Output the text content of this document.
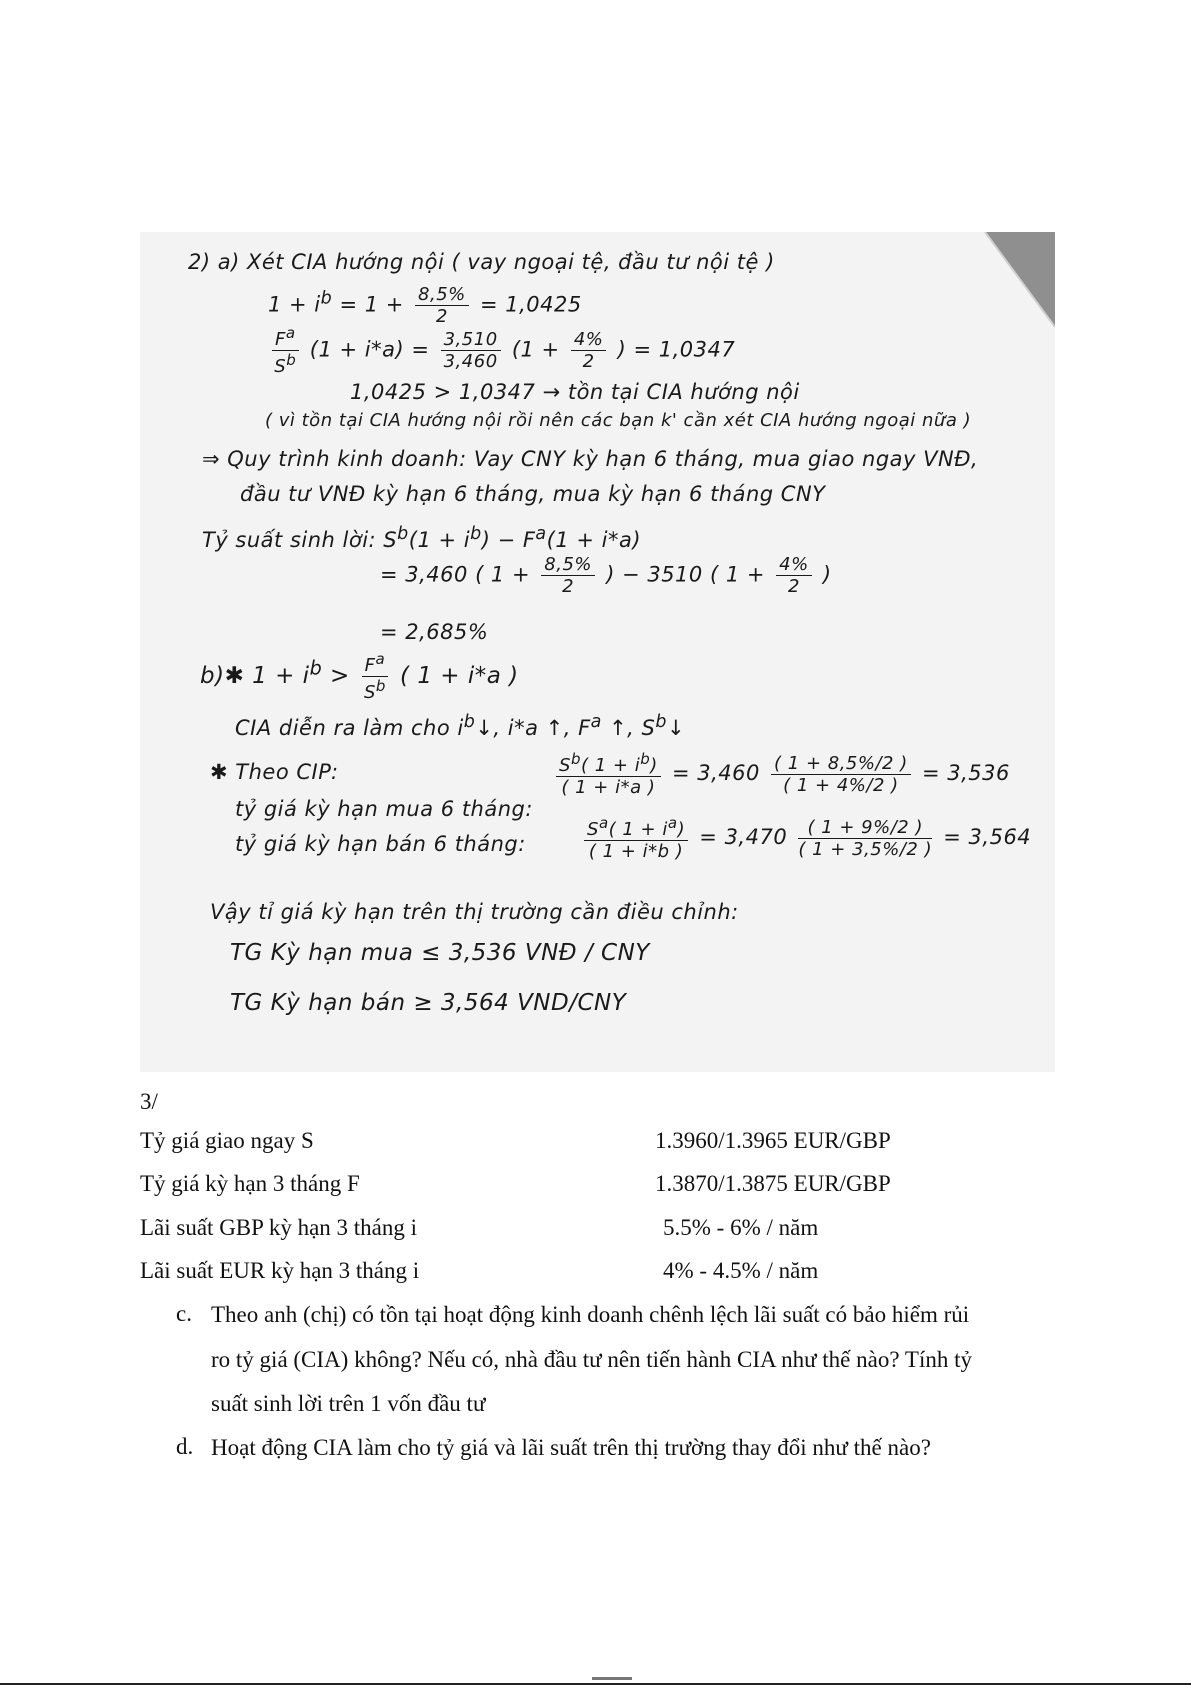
2) a) Xét CIA hướng nội ( vay ngoại tệ, đầu tư nội tệ )
$1 + i^b = 1 + \frac{8,5\%}{2} = 1,0425$
$\frac{F^a}{S^b} (1 + i*a) = \frac{3,510}{3,460} (1 + \frac{4\%}{2}$ ) = 1,0347
1,0425 > 1,0347 → tồn tại CIA hướng nội
( vì tồn tại CIA hướng nội rồi nên các bạn k' cần xét CIA hướng ngoại nữa )
⇒ Quy trình kinh doanh: Vay CNY kỳ hạn 6 tháng, mua giao ngay VNĐ,
đầu tư VNĐ kỳ hạn 6 tháng, mua kỳ hạn 6 tháng CNY
Tỷ suất sinh lời: $S^b(1 + i^b) - F^a(1 + i*a)$
= 3,460 ( $1 + \frac{8,5\%}{2}$ ) − 3510 ( $1 + \frac{4\%}{2}$ )
= 2,685%
b)✱ $1 + i^b > \frac{F^a}{S^b}$ ( 1 + i*a )
CIA diễn ra làm cho $i^b↓$, i*a ↑, $F^a$ ↑, $S^b↓$
✱ Theo CIP:	$\frac{S^b( 1 + i^b)}{( 1 + i*a )} = 3,460 \frac{( 1 + 8,5\%/2 )}{( 1 + 4\%/2 )} = 3,536$
tỷ giá kỳ hạn mua 6 tháng:
tỷ giá kỳ hạn bán 6 tháng:	$\frac{S^a( 1 + i^a)}{( 1 + i*b )} = 3,470 \frac{( 1 + 9\%/2 )}{( 1 + 3,5\%/2 )} = 3,564$
Vậy tỉ giá kỳ hạn trên thị trường cần điều chỉnh:
TG Kỳ hạn mua ≤ 3,536 VNĐ / CNY
TG Kỳ hạn bán ≥ 3,564 VND/CNY
3/
Tỷ giá giao ngay S	1.3960/1.3965 EUR/GBP
Tỷ giá kỳ hạn 3 tháng F	1.3870/1.3875 EUR/GBP
Lãi suất GBP kỳ hạn 3 tháng i	5.5% - 6% / năm
Lãi suất EUR kỳ hạn 3 tháng i	4% - 4.5% / năm
c. Theo anh (chị) có tồn tại hoạt động kinh doanh chênh lệch lãi suất có bảo hiểm rủi
ro tỷ giá (CIA) không? Nếu có, nhà đầu tư nên tiến hành CIA như thế nào? Tính tỷ
suất sinh lời trên 1 vốn đầu tư
d. Hoạt động CIA làm cho tỷ giá và lãi suất trên thị trường thay đổi như thế nào?
